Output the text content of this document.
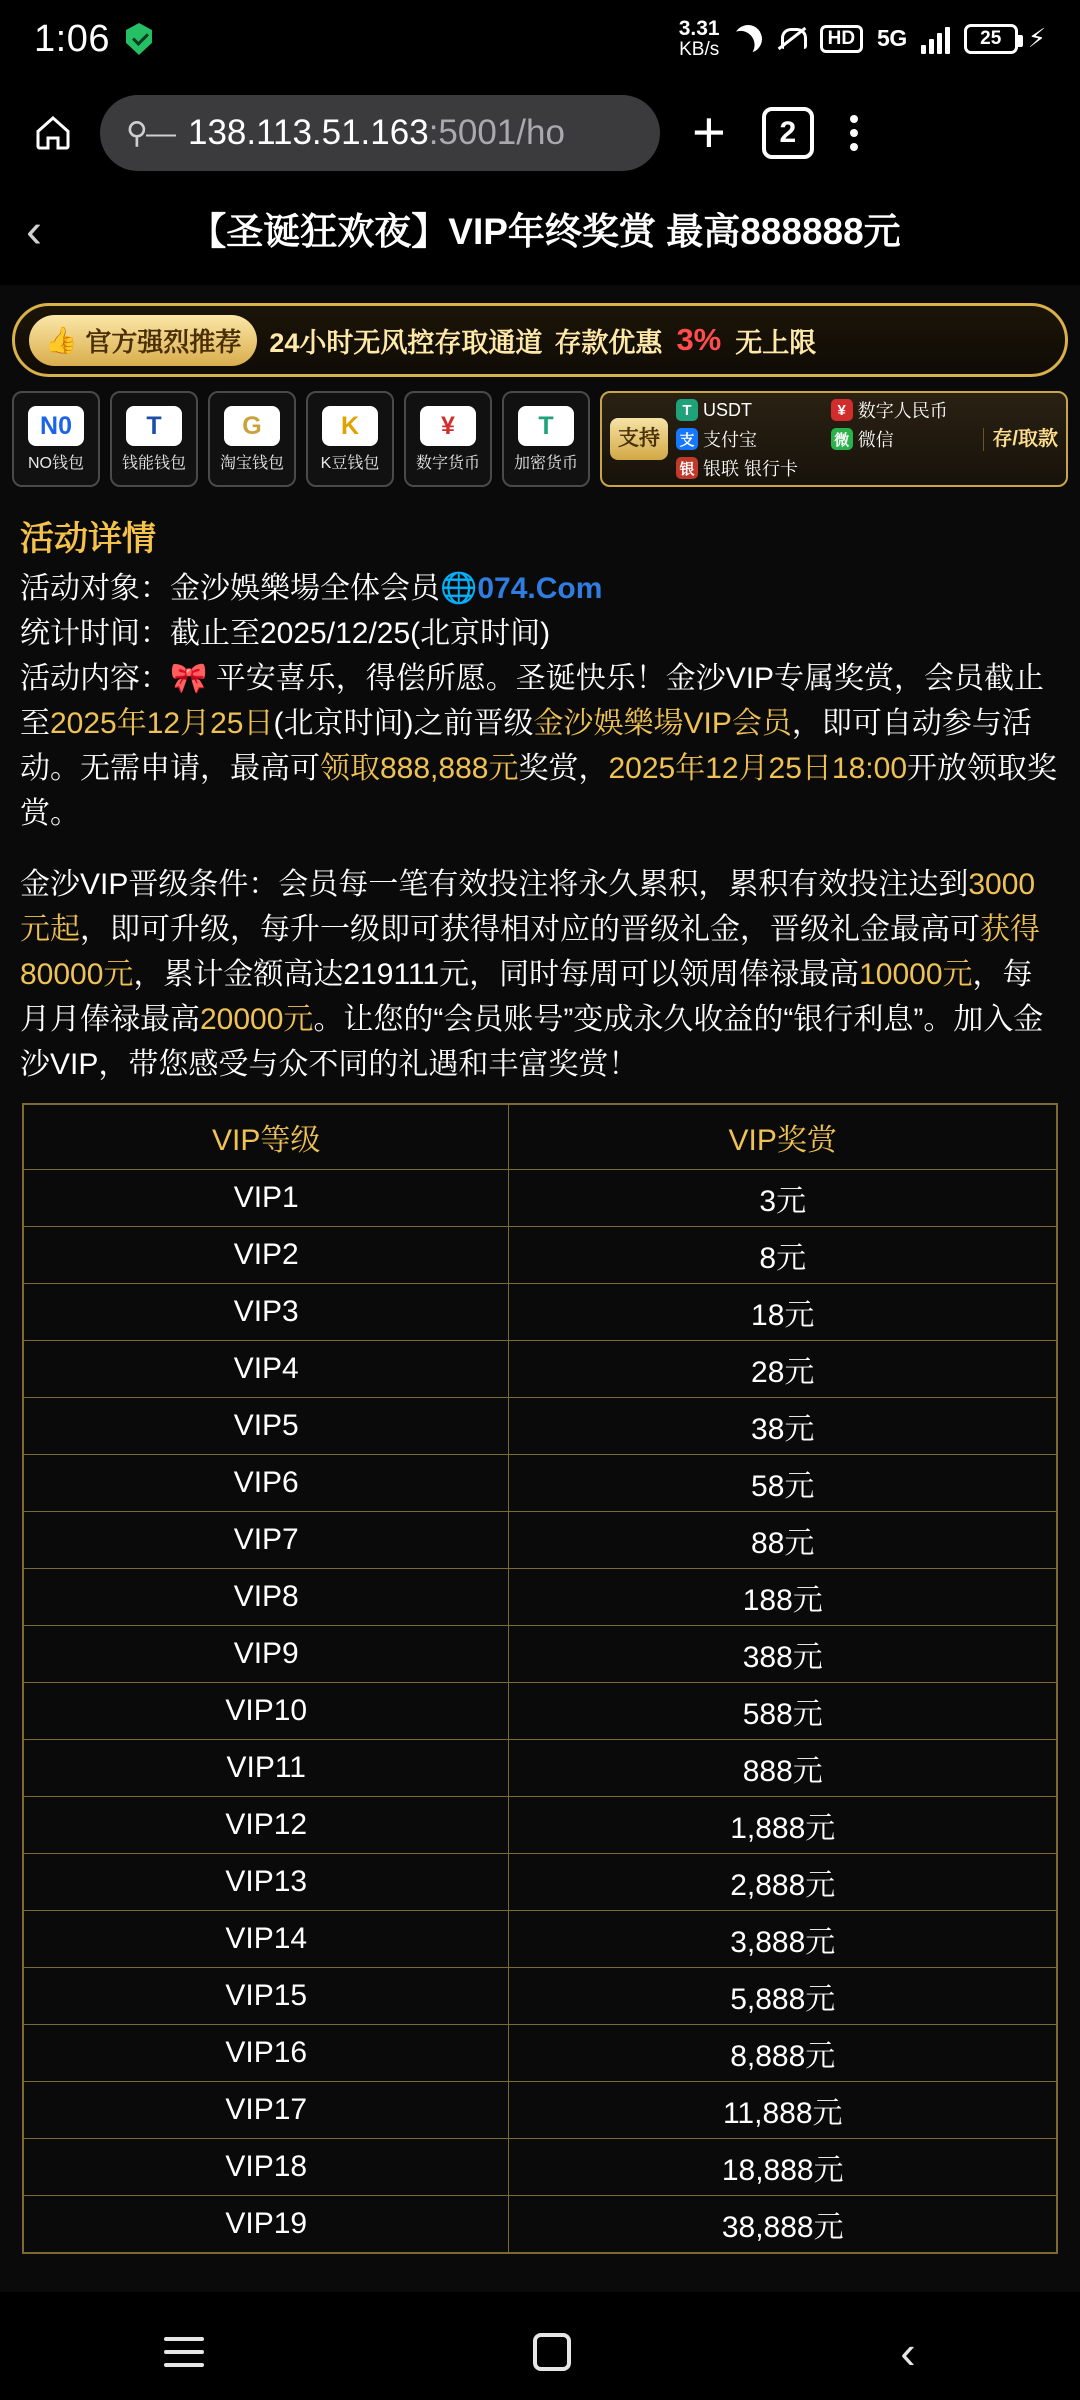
1:06	3.31
KB/s
HD 5G	25 ⚡
⚲— 138.113.51.163:5001/ho +	2
‹	【圣诞狂欢夜】VIP年终奖赏 最高888888元
👍 官方强烈推荐 24小时无风控存取通道 存款优惠 3% 无上限
N0
NO钱包
T
钱能钱包
G
淘宝钱包
K
K豆钱包
¥
数字货币
T
加密货币
支持
T USDT	¥ 数字人民币
支 支付宝	微 微信
银 银联 银行卡
存/取款
活动详情

活动对象：金沙娛樂場全体会员🌐074.Com

统计时间：截止至2025/12/25(北京时间)

活动内容：🎀 平安喜乐，得偿所愿。圣诞快乐！金沙VIP专属奖赏，会员截止至2025年12月25日(北京时间)之前晋级金沙娛樂場VIP会员，即可自动参与活动。无需申请，最高可领取888,888元奖赏，2025年12月25日18:00开放领取奖赏。

金沙VIP晋级条件：会员每一笔有效投注将永久累积，累积有效投注达到3000元起，即可升级，每升一级即可获得相对应的晋级礼金，晋级礼金最高可获得80000元，累计金额高达219111元，同时每周可以领周俸禄最高10000元，每月月俸禄最高20000元。让您的“会员账号”变成永久收益的“银行利息”。加入金沙VIP，带您感受与众不同的礼遇和丰富奖赏！

VIP等级	VIP奖赏
VIP1	3元
VIP2	8元
VIP3	18元
VIP4	28元
VIP5	38元
VIP6	58元
VIP7	88元
VIP8	188元
VIP9	388元
VIP10	588元
VIP11	888元
VIP12	1,888元
VIP13	2,888元
VIP14	3,888元
VIP15	5,888元
VIP16	8,888元
VIP17	11,888元
VIP18	18,888元
VIP19	38,888元
‹
